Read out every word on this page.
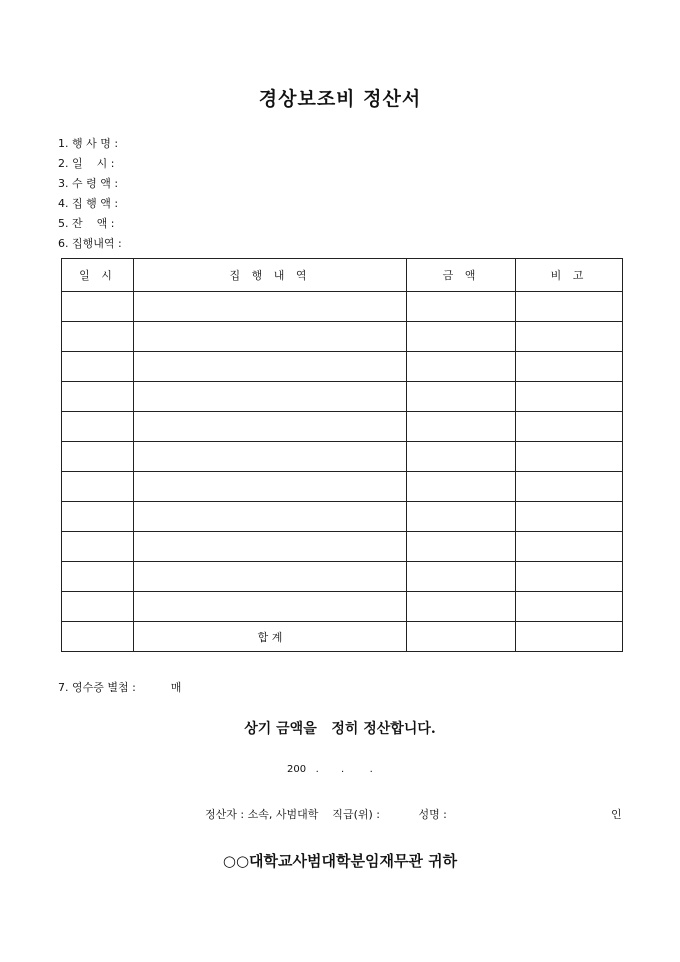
경상보조비 정산서
1. 행 사 명 :
2. 일    시 :
3. 수 령 액 :
4. 집 행 액 :
5. 잔    액 :
6. 집행내역 :
일 시	집 행 내 역	금 액	비 고

	합 계		
7. 영수증 별첨 :          매
상기 금액을   정히 정산합니다.
200   .       .        .
정산자 : 소속, 사범대학    직급(위) :           성명 :	인
○○대학교사범대학분임재무관 귀하
